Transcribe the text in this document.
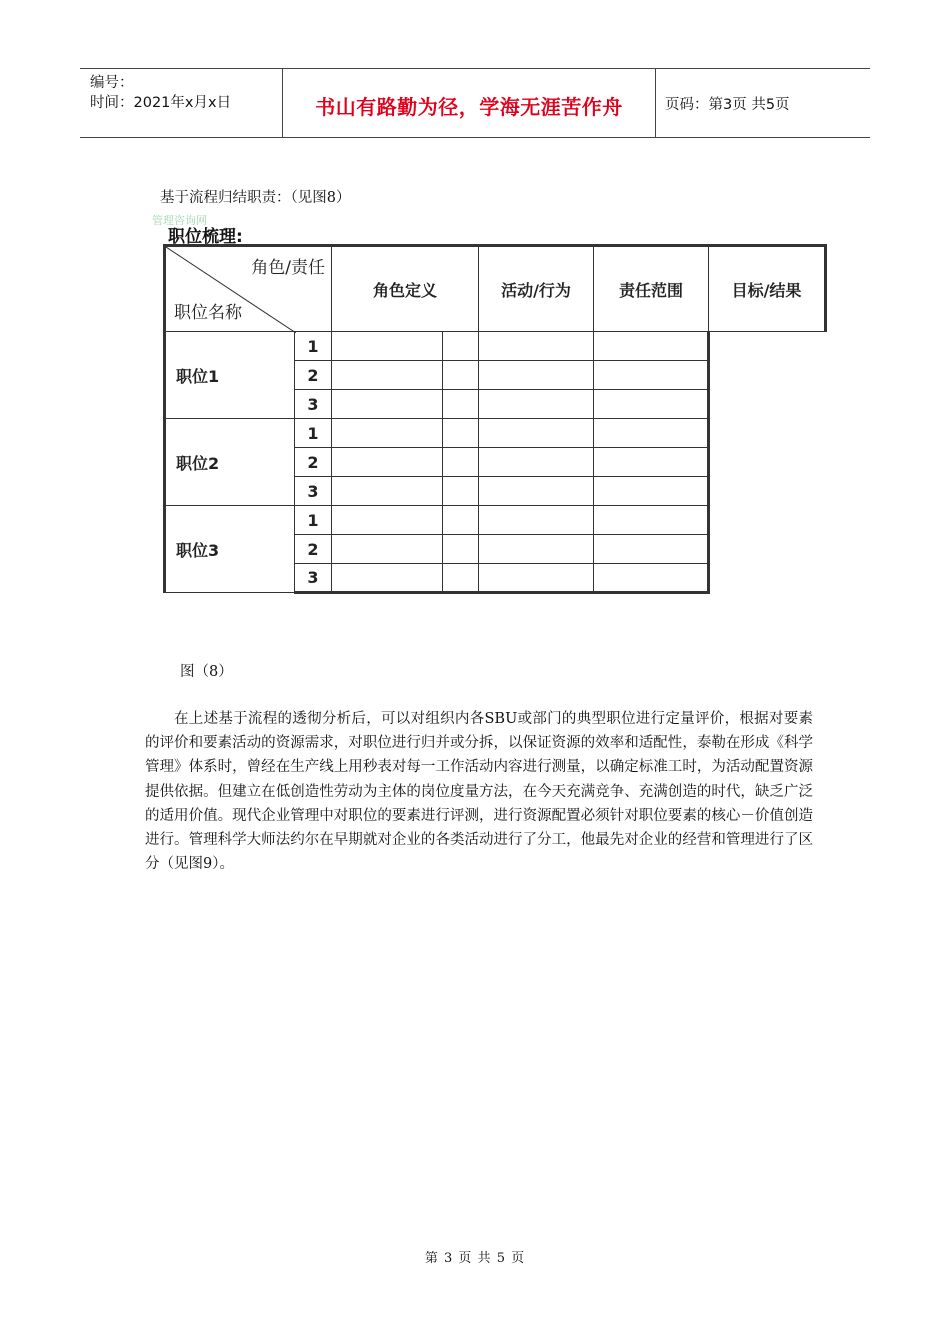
编号：
时间：2021年x月x日	书山有路勤为径，学海无涯苦作舟	页码：第3页 共5页
基于流程归结职责：（见图8）
管理咨询网
职位梳理:
角色/责任
职位名称		角色定义		活动/行为	责任范围	目标/结果
职位1	1					
	2					
	3					
职位2	1					
	2					
	3					
职位3	1					
	2					
	3					
图（8）
在上述基于流程的透彻分析后，可以对组织内各SBU或部门的典型职位进行定量评价，根据对要素的评价和要素活动的资源需求，对职位进行归并或分拆，以保证资源的效率和适配性，泰勒在形成《科学管理》体系时，曾经在生产线上用秒表对每一工作活动内容进行测量，以确定标准工时，为活动配置资源提供依据。但建立在低创造性劳动为主体的岗位度量方法，在今天充满竞争、充满创造的时代，缺乏广泛的适用价值。现代企业管理中对职位的要素进行评测，进行资源配置必须针对职位要素的核心－价值创造进行。管理科学大师法约尔在早期就对企业的各类活动进行了分工，他最先对企业的经营和管理进行了区分（见图9）。
第 3 页 共 5 页
